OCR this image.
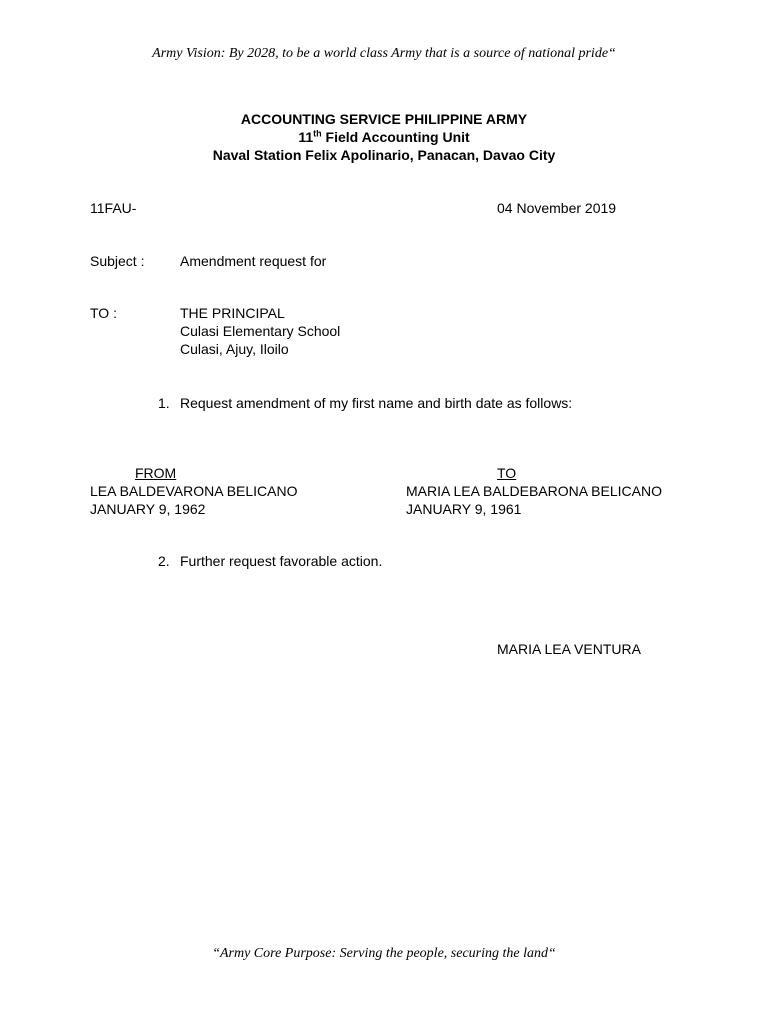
Army Vision: By 2028, to be a world class Army that is a source of national pride“
ACCOUNTING SERVICE PHILIPPINE ARMY
11th Field Accounting Unit
Naval Station Felix Apolinario, Panacan, Davao City
11FAU-	04 November 2019
Subject :	Amendment request for
TO :	THE PRINCIPAL
Culasi Elementary School
Culasi, Ajuy, Iloilo
1. Request amendment of my first name and birth date as follows:
FROM	TO
LEA BALDEVARONA BELICANO	MARIA LEA BALDEBARONA BELICANO
JANUARY 9, 1962	JANUARY 9, 1961
2. Further request favorable action.
MARIA LEA VENTURA
“Army Core Purpose: Serving the people, securing the land“
